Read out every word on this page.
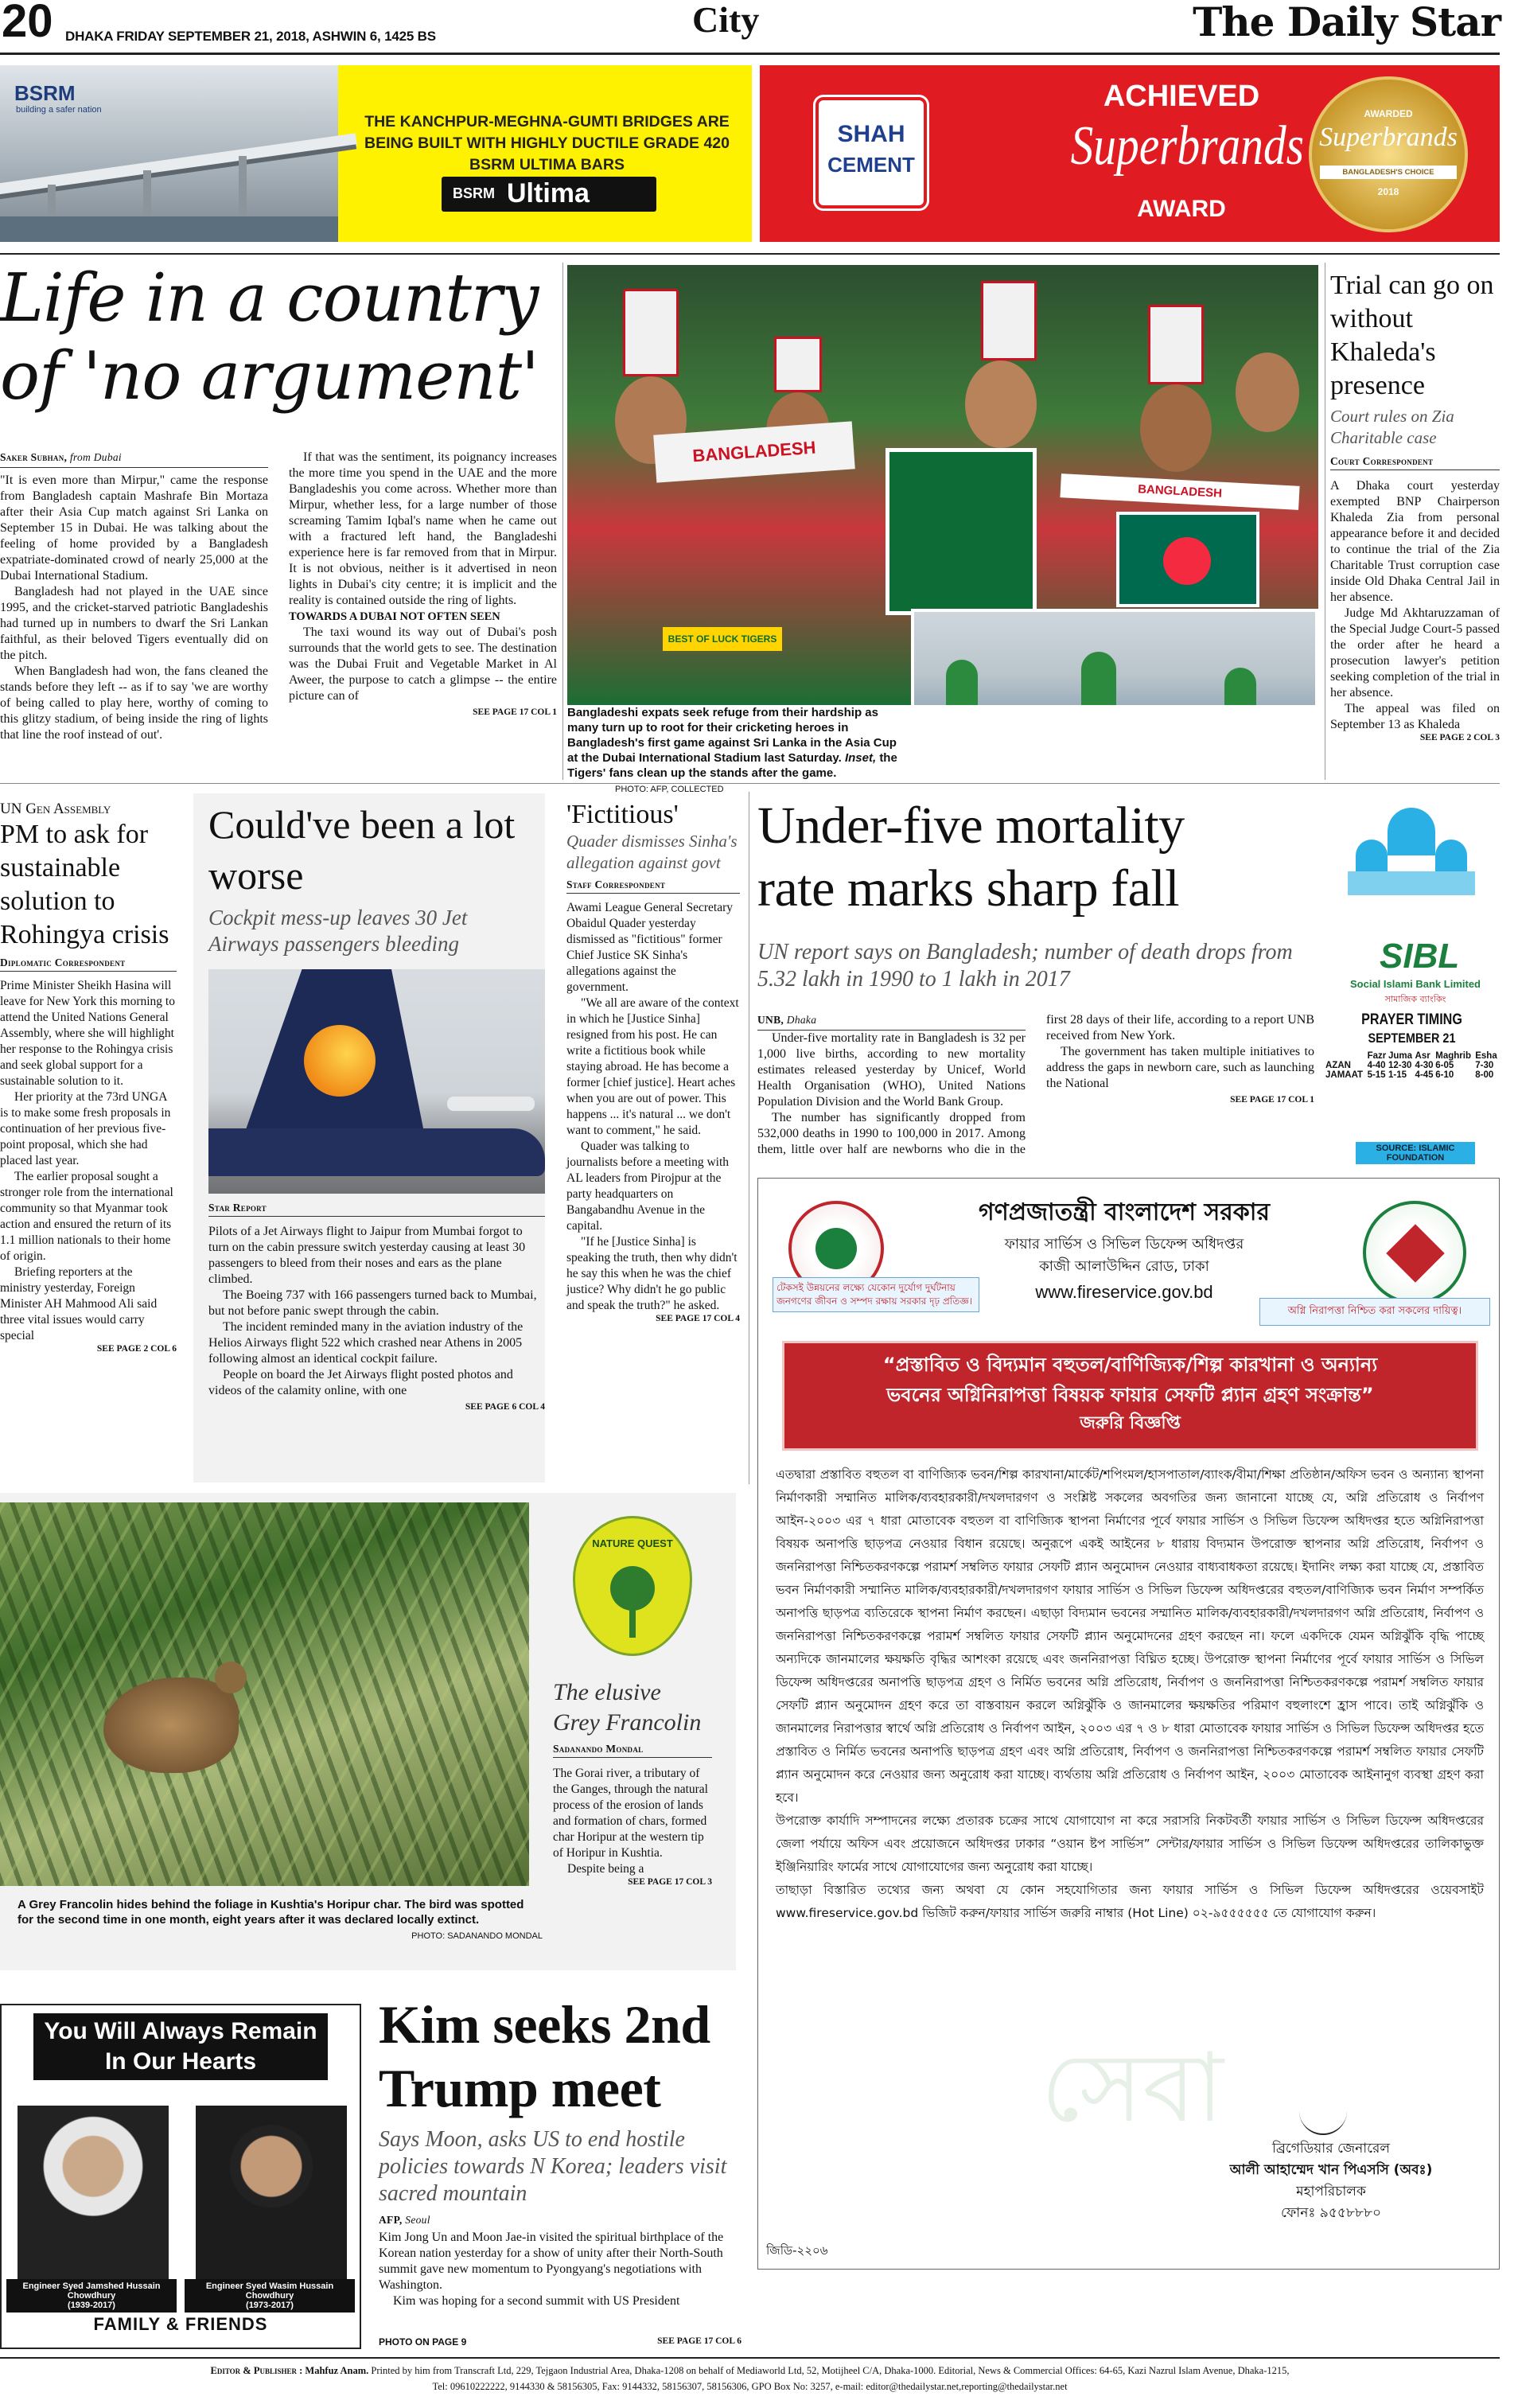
20 DHAKA FRIDAY SEPTEMBER 21, 2018, ASHWIN 6, 1425 BS	City	The Daily Star
BSRM
building a safer nation
THE KANCHPUR-MEGHNA-GUMTI BRIDGES ARE BEING BUILT WITH HIGHLY DUCTILE GRADE 420 BSRM ULTIMA BARS
BSRM Ultima
SHAH
CEMENT
ACHIEVED
Superbrands
AWARD
AWARDED
Superbrands
BANGLADESH'S CHOICE
2018
Life in a country
of 'no argument'
Saker Subhan, from Dubai

"It is even more than Mirpur," came the response from Bangladesh captain Mashrafe Bin Mortaza after their Asia Cup match against Sri Lanka on September 15 in Dubai. He was talking about the feeling of home provided by a Bangladesh expatriate-dominated crowd of nearly 25,000 at the Dubai International Stadium.

Bangladesh had not played in the UAE since 1995, and the cricket-starved patriotic Bangladeshis had turned up in numbers to dwarf the Sri Lankan faithful, as their beloved Tigers eventually did on the pitch.

When Bangladesh had won, the fans cleaned the stands before they left -- as if to say 'we are worthy of being called to play here, worthy of coming to this glitzy stadium, of being inside the ring of lights that line the roof instead of out'.

If that was the sentiment, its poignancy increases the more time you spend in the UAE and the more Bangladeshis you come across. Whether more than Mirpur, whether less, for a large number of those screaming Tamim Iqbal's name when he came out with a fractured left hand, the Bangladeshi experience here is far removed from that in Mirpur. It is not obvious, neither is it advertised in neon lights in Dubai's city centre; it is implicit and the reality is contained outside the ring of lights.

TOWARDS A DUBAI NOT OFTEN SEEN

The taxi wound its way out of Dubai's posh surrounds that the world gets to see. The destination was the Dubai Fruit and Vegetable Market in Al Aweer, the purpose to catch a glimpse -- the entire picture can of

SEE PAGE 17 COL 1
BANGLADESH
BEST OF LUCK TIGERS
BANGLADESH
Bangladeshi expats seek refuge from their hardship as many turn up to root for their cricketing heroes in Bangladesh's first game against Sri Lanka in the Asia Cup at the Dubai International Stadium last Saturday. Inset, the Tigers' fans clean up the stands after the game. PHOTO: AFP, COLLECTED
Trial can go on without Khaleda's presence
Court rules on Zia Charitable case
Court Correspondent

A Dhaka court yesterday exempted BNP Chairperson Khaleda Zia from personal appearance before it and decided to continue the trial of the Zia Charitable Trust corruption case inside Old Dhaka Central Jail in her absence.

Judge Md Akhtaruzzaman of the Special Judge Court-5 passed the order after he heard a prosecution lawyer's petition seeking completion of the trial in her absence.

The appeal was filed on September 13 as Khaleda

SEE PAGE 2 COL 3
UN Gen Assembly
PM to ask for sustainable solution to Rohingya crisis
Diplomatic Correspondent

Prime Minister Sheikh Hasina will leave for New York this morning to attend the United Nations General Assembly, where she will highlight her response to the Rohingya crisis and seek global support for a sustainable solution to it.

Her priority at the 73rd UNGA is to make some fresh proposals in continuation of her previous five-point proposal, which she had placed last year.

The earlier proposal sought a stronger role from the international community so that Myanmar took action and ensured the return of its 1.1 million nationals to their home of origin.

Briefing reporters at the ministry yesterday, Foreign Minister AH Mahmood Ali said three vital issues would carry special

SEE PAGE 2 COL 6
Could've been a lot worse
Cockpit mess-up leaves 30 Jet Airways passengers bleeding
Star Report

Pilots of a Jet Airways flight to Jaipur from Mumbai forgot to turn on the cabin pressure switch yesterday causing at least 30 passengers to bleed from their noses and ears as the plane climbed.

The Boeing 737 with 166 passengers turned back to Mumbai, but not before panic swept through the cabin.

The incident reminded many in the aviation industry of the Helios Airways flight 522 which crashed near Athens in 2005 following almost an identical cockpit failure.

People on board the Jet Airways flight posted photos and videos of the calamity online, with one

SEE PAGE 6 COL 4
'Fictitious'
Quader dismisses Sinha's allegation against govt
Staff Correspondent

Awami League General Secretary Obaidul Quader yesterday dismissed as "fictitious" former Chief Justice SK Sinha's allegations against the government.

"We all are aware of the context in which he [Justice Sinha] resigned from his post. He can write a fictitious book while staying abroad. He has become a former [chief justice]. Heart aches when you are out of power. This happens ... it's natural ... we don't want to comment," he said.

Quader was talking to journalists before a meeting with AL leaders from Pirojpur at the party headquarters on Bangabandhu Avenue in the capital.

"If he [Justice Sinha] is speaking the truth, then why didn't he say this when he was the chief justice? Why didn't he go public and speak the truth?" he asked.

SEE PAGE 17 COL 4
Under-five mortality
rate marks sharp fall
UN report says on Bangladesh; number of death drops from 5.32 lakh in 1990 to 1 lakh in 2017
UNB, Dhaka

Under-five mortality rate in Bangladesh is 32 per 1,000 live births, according to new mortality estimates released yesterday by Unicef, World Health Organisation (WHO), United Nations Population Division and the World Bank Group.

The number has significantly dropped from 532,000 deaths in 1990 to 100,000 in 2017. Among them, little over half are newborns who die in the first 28 days of their life, according to a report UNB received from New York.

The government has taken multiple initiatives to address the gaps in newborn care, such as launching the National

SEE PAGE 17 COL 1
SIBL
Social Islami Bank Limited
সামাজিক ব্যাংকিং
PRAYER TIMING
SEPTEMBER 21
	Fazr	Juma	Asr	Maghrib	Esha
AZAN	4-40	12-30	4-30	6-05	7-30
JAMAAT	5-15	1-15	4-45	6-10	8-00
SOURCE: ISLAMIC FOUNDATION
সেবা
গণপ্রজাতন্ত্রী বাংলাদেশ সরকার
ফায়ার সার্ভিস ও সিভিল ডিফেন্স অধিদপ্তর
কাজী আলাউদ্দিন রোড, ঢাকা
www.fireservice.gov.bd
টেকসই উন্নয়নের লক্ষ্যে যেকোন দুর্যোগ দুর্ঘটনায় জনগণের জীবন ও সম্পদ রক্ষায় সরকার দৃঢ় প্রতিজ্ঞ।
অগ্নি নিরাপত্তা নিশ্চিত করা সকলের দায়িত্ব।
“প্রস্তাবিত ও বিদ্যমান বহুতল/বাণিজ্যিক/শিল্প কারখানা ও অন্যান্য
ভবনের অগ্নিনিরাপত্তা বিষয়ক ফায়ার সেফটি প্ল্যান গ্রহণ সংক্রান্ত”
জরুরি বিজ্ঞপ্তি

এতদ্বারা প্রস্তাবিত বহুতল বা বাণিজ্যিক ভবন/শিল্প কারখানা/মার্কেট/শপিংমল/হাসপাতাল/ব্যাংক/বীমা/শিক্ষা প্রতিষ্ঠান/অফিস ভবন ও অন্যান্য স্থাপনা নির্মাণকারী সম্মানিত মালিক/ব্যবহারকারী/দখলদারগণ ও সংশ্লিষ্ট সকলের অবগতির জন্য জানানো যাচ্ছে যে, অগ্নি প্রতিরোধ ও নির্বাপণ আইন-২০০৩ এর ৭ ধারা মোতাবেক বহুতল বা বাণিজ্যিক স্থাপনা নির্মাণের পূর্বে ফায়ার সার্ভিস ও সিভিল ডিফেন্স অধিদপ্তর হতে অগ্নিনিরাপত্তা বিষয়ক অনাপত্তি ছাড়পত্র নেওয়ার বিধান রয়েছে। অনুরূপে একই আইনের ৮ ধারায় বিদ্যমান উপরোক্ত স্থাপনার অগ্নি প্রতিরোধ, নির্বাপণ ও জননিরাপত্তা নিশ্চিতকরণকল্পে পরামর্শ সম্বলিত ফায়ার সেফটি প্ল্যান অনুমোদন নেওয়ার বাধ্যবাধকতা রয়েছে। ইদানিং লক্ষ্য করা যাচ্ছে যে, প্রস্তাবিত ভবন নির্মাণকারী সম্মানিত মালিক/ব্যবহারকারী/দখলদারগণ ফায়ার সার্ভিস ও সিভিল ডিফেন্স অধিদপ্তরের বহুতল/বাণিজ্যিক ভবন নির্মাণ সম্পর্কিত অনাপত্তি ছাড়পত্র ব্যতিরেকে স্থাপনা নির্মাণ করছেন। এছাড়া বিদ্যমান ভবনের সম্মানিত মালিক/ব্যবহারকারী/দখলদারগণ অগ্নি প্রতিরোধ, নির্বাপণ ও জননিরাপত্তা নিশ্চিতকরণকল্পে পরামর্শ সম্বলিত ফায়ার সেফটি প্ল্যান অনুমোদনের গ্রহণ করছেন না। ফলে একদিকে যেমন অগ্নিঝুঁকি বৃদ্ধি পাচ্ছে অন্যদিকে জানমালের ক্ষয়ক্ষতি বৃদ্ধির আশংকা রয়েছে এবং জননিরাপত্তা বিঘ্নিত হচ্ছে। উপরোক্ত স্থাপনা নির্মাণের পূর্বে ফায়ার সার্ভিস ও সিভিল ডিফেন্স অধিদপ্তরের অনাপত্তি ছাড়পত্র গ্রহণ ও নির্মিত ভবনের অগ্নি প্রতিরোধ, নির্বাপণ ও জননিরাপত্তা নিশ্চিতকরণকল্পে পরামর্শ সম্বলিত ফায়ার সেফটি প্ল্যান অনুমোদন গ্রহণ করে তা বাস্তবায়ন করলে অগ্নিঝুঁকি ও জানমালের ক্ষয়ক্ষতির পরিমাণ বহুলাংশে হ্রাস পাবে। তাই অগ্নিঝুঁকি ও জানমালের নিরাপত্তার স্বার্থে অগ্নি প্রতিরোধ ও নির্বাপণ আইন, ২০০৩ এর ৭ ও ৮ ধারা মোতাবেক ফায়ার সার্ভিস ও সিভিল ডিফেন্স অধিদপ্তর হতে প্রস্তাবিত ও নির্মিত ভবনের অনাপত্তি ছাড়পত্র গ্রহণ এবং অগ্নি প্রতিরোধ, নির্বাপণ ও জননিরাপত্তা নিশ্চিতকরণকল্পে পরামর্শ সম্বলিত ফায়ার সেফটি প্ল্যান অনুমোদন করে নেওয়ার জন্য অনুরোধ করা যাচ্ছে। ব্যর্থতায় অগ্নি প্রতিরোধ ও নির্বাপণ আইন, ২০০৩ মোতাবেক আইনানুগ ব্যবস্থা গ্রহণ করা হবে।

উপরোক্ত কার্যাদি সম্পাদনের লক্ষ্যে প্রতারক চক্রের সাথে যোগাযোগ না করে সরাসরি নিকটবর্তী ফায়ার সার্ভিস ও সিভিল ডিফেন্স অধিদপ্তরের জেলা পর্যায়ে অফিস এবং প্রয়োজনে অধিদপ্তর ঢাকার “ওয়ান ষ্টপ সার্ভিস” সেন্টার/ফায়ার সার্ভিস ও সিভিল ডিফেন্স অধিদপ্তরের তালিকাভুক্ত ইঞ্জিনিয়ারিং ফার্মের সাথে যোগাযোগের জন্য অনুরোধ করা যাচ্ছে।

তাছাড়া বিস্তারিত তথ্যের জন্য অথবা যে কোন সহযোগিতার জন্য ফায়ার সার্ভিস ও সিভিল ডিফেন্স অধিদপ্তরের ওয়েবসাইট www.fireservice.gov.bd ভিজিট করুন/ফায়ার সার্ভিস জরুরি নাম্বার (Hot Line) ০২-৯৫৫৫৫৫৫ তে যোগাযোগ করুন।

ব্রিগেডিয়ার জেনারেল
আলী আহাম্মেদ খান পিএসসি (অবঃ)
মহাপরিচালক
ফোনঃ ৯৫৫৮৮৮০
জিডি-২২০৬
A Grey Francolin hides behind the foliage in Kushtia's Horipur char. The bird was spotted for the second time in one month, eight years after it was declared locally extinct.
PHOTO: SADANANDO MONDAL
NATURE QUEST
The elusive Grey Francolin
Sadanando Mondal

The Gorai river, a tributary of the Ganges, through the natural process of the erosion of lands and formation of chars, formed char Horipur at the western tip of Horipur in Kushtia.

Despite being a

SEE PAGE 17 COL 3
You Will Always Remain In Our Hearts
Engineer Syed Jamshed Hussain Chowdhury
(1939-2017)
Engineer Syed Wasim Hussain Chowdhury
(1973-2017)
FAMILY & FRIENDS
Kim seeks 2nd
Trump meet
Says Moon, asks US to end hostile policies towards N Korea; leaders visit sacred mountain
AFP, Seoul

Kim Jong Un and Moon Jae-in visited the spiritual birthplace of the Korean nation yesterday for a show of unity after their North-South summit gave new momentum to Pyongyang's negotiations with Washington.

Kim was hoping for a second summit with US President

PHOTO ON PAGE 9	SEE PAGE 17 COL 6
Editor & Publisher : Mahfuz Anam. Printed by him from Transcraft Ltd, 229, Tejgaon Industrial Area, Dhaka-1208 on behalf of Mediaworld Ltd, 52, Motijheel C/A, Dhaka-1000. Editorial, News & Commercial Offices: 64-65, Kazi Nazrul Islam Avenue, Dhaka-1215,
Tel: 09610222222, 9144330 & 58156305, Fax: 9144332, 58156307, 58156306, GPO Box No: 3257, e-mail: editor@thedailystar.net,reporting@thedailystar.net
